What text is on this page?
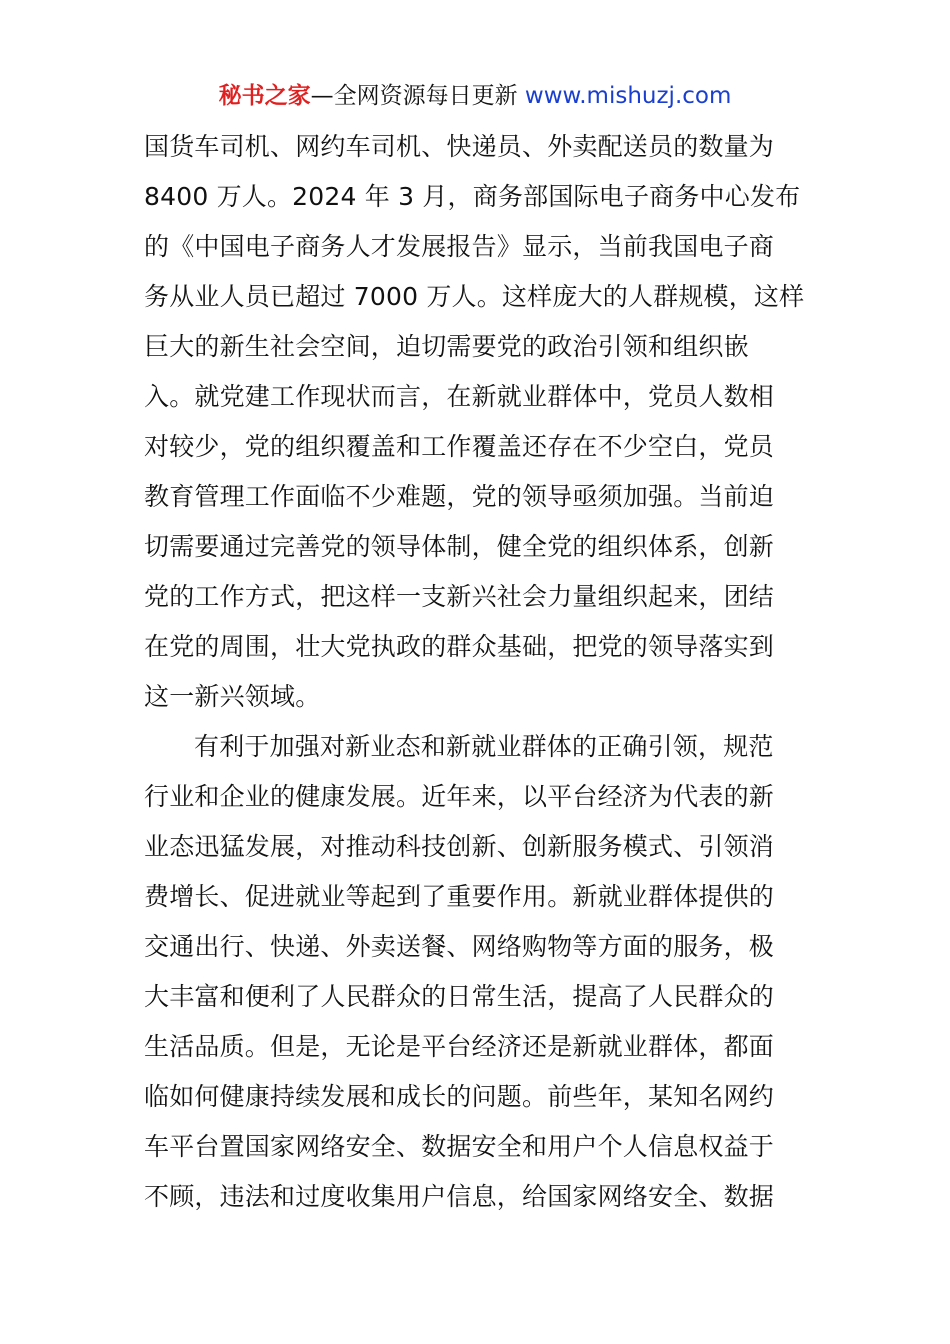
秘书之家—全网资源每日更新 www.mishuzj.com
国货车司机、网约车司机、快递员、外卖配送员的数量为
8400 万人。2024 年 3 月，商务部国际电子商务中心发布
的《中国电子商务人才发展报告》显示，当前我国电子商
务从业人员已超过 7000 万人。这样庞大的人群规模，这样
巨大的新生社会空间，迫切需要党的政治引领和组织嵌
入。就党建工作现状而言，在新就业群体中，党员人数相
对较少，党的组织覆盖和工作覆盖还存在不少空白，党员
教育管理工作面临不少难题，党的领导亟须加强。当前迫
切需要通过完善党的领导体制，健全党的组织体系，创新
党的工作方式，把这样一支新兴社会力量组织起来，团结
在党的周围，壮大党执政的群众基础，把党的领导落实到
这一新兴领域。
有利于加强对新业态和新就业群体的正确引领，规范
行业和企业的健康发展。近年来，以平台经济为代表的新
业态迅猛发展，对推动科技创新、创新服务模式、引领消
费增长、促进就业等起到了重要作用。新就业群体提供的
交通出行、快递、外卖送餐、网络购物等方面的服务，极
大丰富和便利了人民群众的日常生活，提高了人民群众的
生活品质。但是，无论是平台经济还是新就业群体，都面
临如何健康持续发展和成长的问题。前些年，某知名网约
车平台置国家网络安全、数据安全和用户个人信息权益于
不顾，违法和过度收集用户信息，给国家网络安全、数据
